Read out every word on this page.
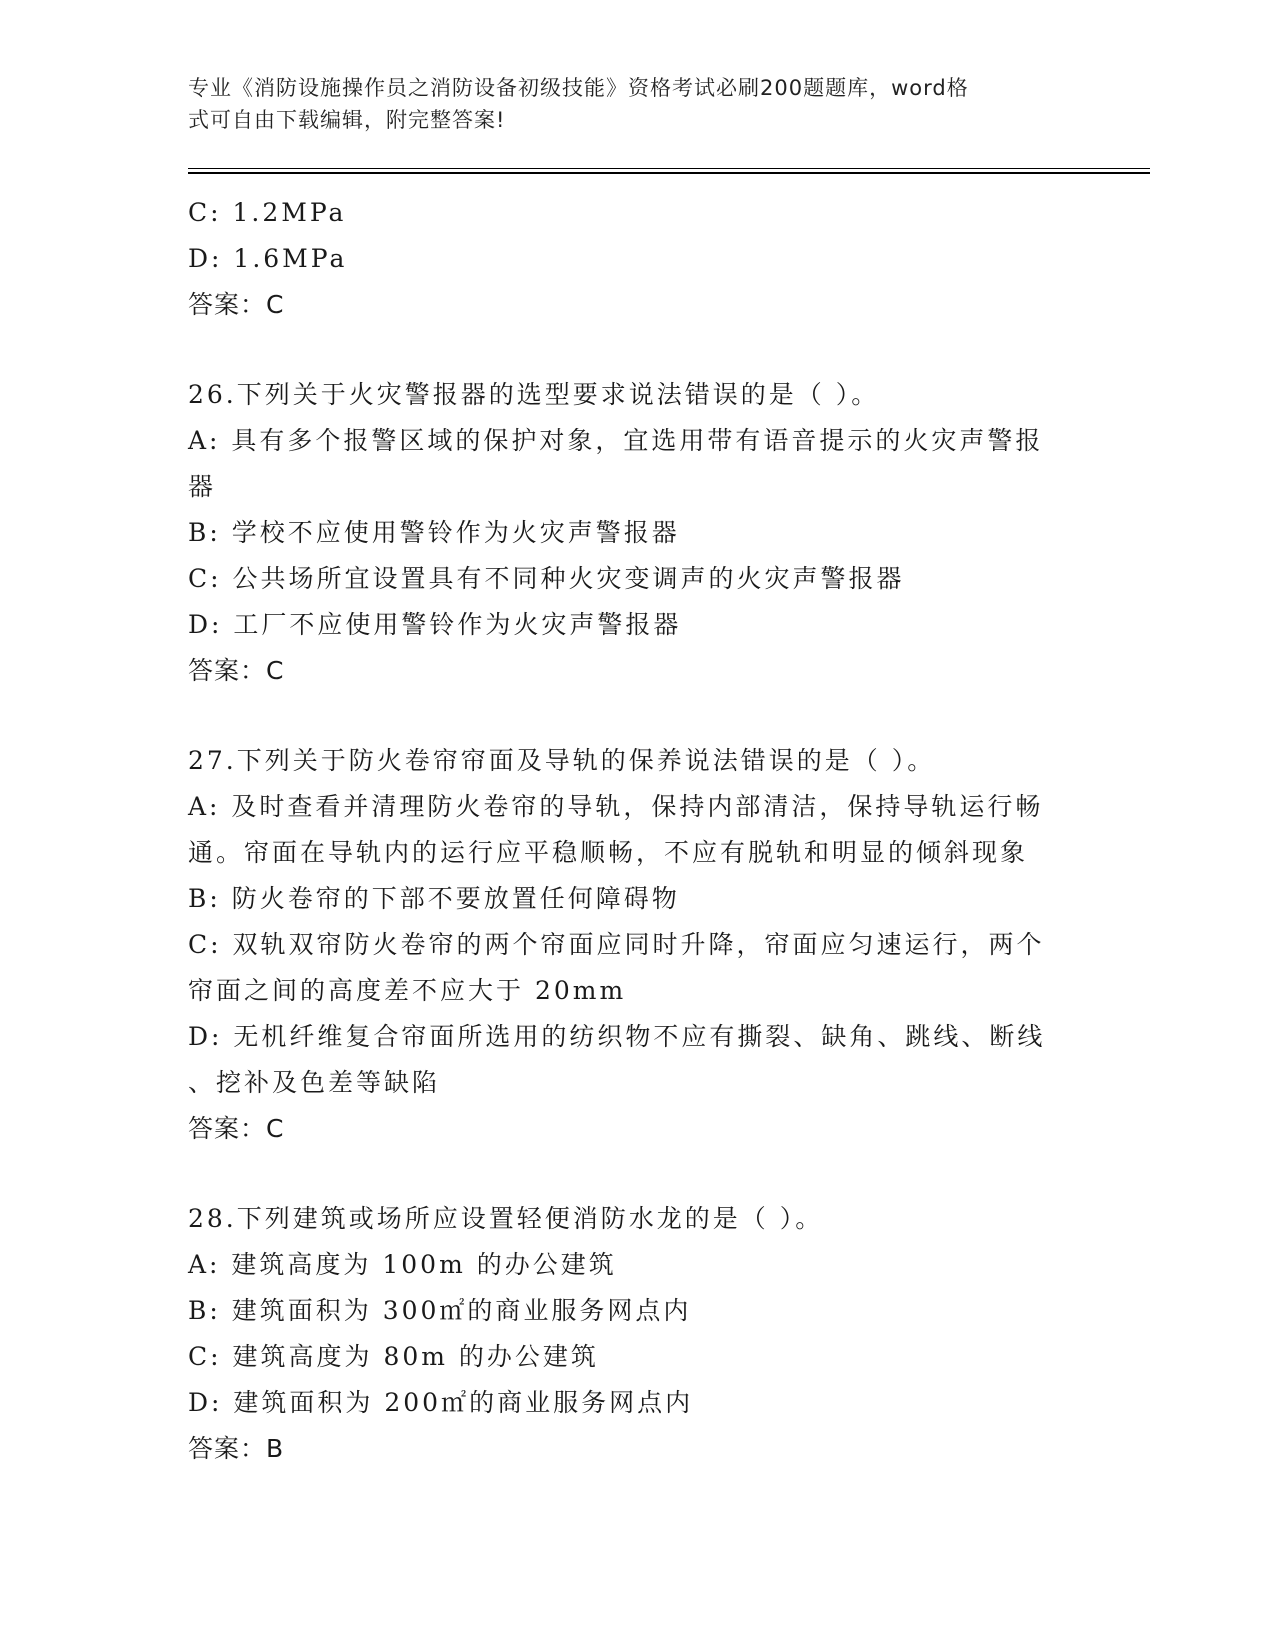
专业《消防设施操作员之消防设备初级技能》资格考试必刷200题题库，word格
式可自由下载编辑，附完整答案!
C: 1.2MPa
D: 1.6MPa
答案：C
26.下列关于火灾警报器的选型要求说法错误的是（ ）。
A: 具有多个报警区域的保护对象，宜选用带有语音提示的火灾声警报
器
B: 学校不应使用警铃作为火灾声警报器
C: 公共场所宜设置具有不同种火灾变调声的火灾声警报器
D: 工厂不应使用警铃作为火灾声警报器
答案：C
27.下列关于防火卷帘帘面及导轨的保养说法错误的是（ ）。
A: 及时查看并清理防火卷帘的导轨，保持内部清洁，保持导轨运行畅
通。帘面在导轨内的运行应平稳顺畅，不应有脱轨和明显的倾斜现象
B: 防火卷帘的下部不要放置任何障碍物
C: 双轨双帘防火卷帘的两个帘面应同时升降，帘面应匀速运行，两个
帘面之间的高度差不应大于 20mm
D: 无机纤维复合帘面所选用的纺织物不应有撕裂、缺角、跳线、断线
、挖补及色差等缺陷
答案：C
28.下列建筑或场所应设置轻便消防水龙的是（ ）。
A: 建筑高度为 100m 的办公建筑
B: 建筑面积为 300㎡的商业服务网点内
C: 建筑高度为 80m 的办公建筑
D: 建筑面积为 200㎡的商业服务网点内
答案：B
